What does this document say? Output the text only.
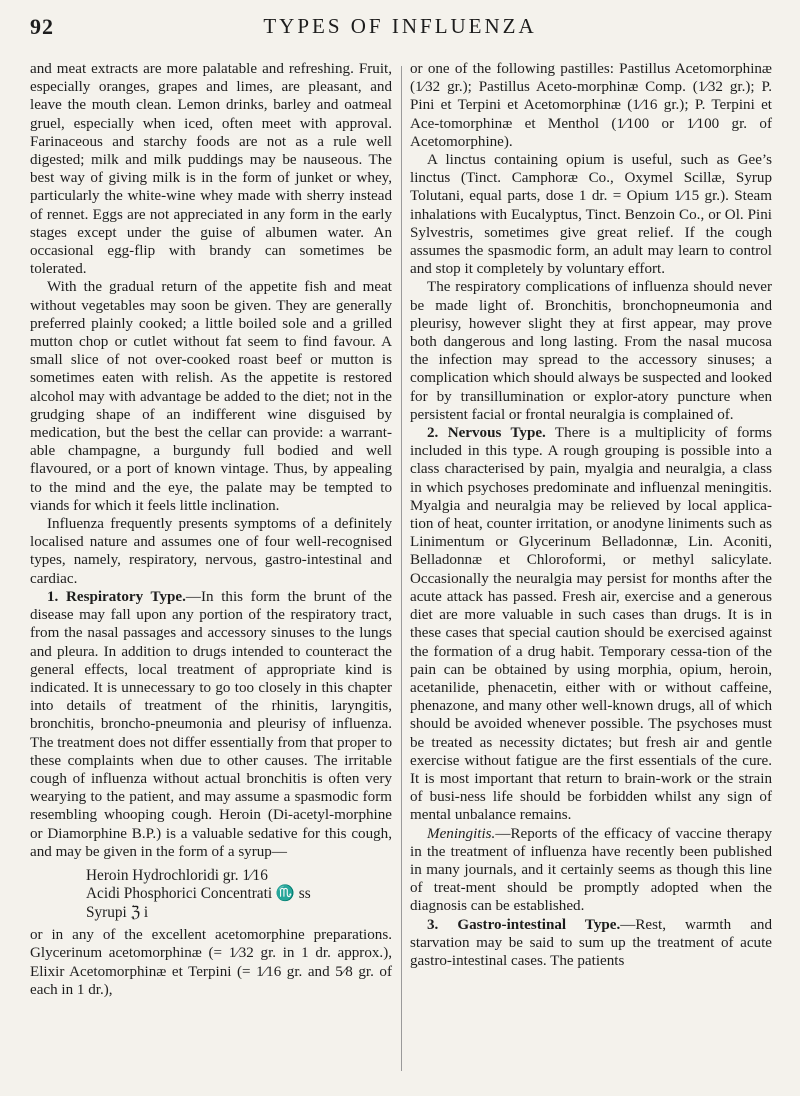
92	TYPES OF INFLUENZA

and meat extracts are more palatable and refreshing. Fruit, especially oranges, grapes and limes, are pleasant, and leave the mouth clean. Lemon drinks, barley and oatmeal gruel, especially when iced, often meet with approval. Farinaceous and starchy foods are not as a rule well digested; milk and milk puddings may be nauseous. The best way of giving milk is in the form of junket or whey, particularly the white-wine whey made with sherry instead of rennet. Eggs are not appreciated in any form in the early stages except under the guise of albumen water. An occasional egg-flip with brandy can sometimes be tolerated.

With the gradual return of the appetite fish and meat without vegetables may soon be given. They are generally preferred plainly cooked; a little boiled sole and a grilled mutton chop or cutlet without fat seem to find favour. A small slice of not over-cooked roast beef or mutton is sometimes eaten with relish. As the appetite is restored alcohol may with advantage be added to the diet; not in the grudging shape of an indifferent wine disguised by medication, but the best the cellar can provide: a warrant-able champagne, a burgundy full bodied and well flavoured, or a port of known vintage. Thus, by appealing to the mind and the eye, the palate may be tempted to viands for which it feels little inclination.

Influenza frequently presents symptoms of a definitely localised nature and assumes one of four well-recognised types, namely, respiratory, nervous, gastro-intestinal and cardiac.

1. Respiratory Type.—In this form the brunt of the disease may fall upon any portion of the respiratory tract, from the nasal passages and accessory sinuses to the lungs and pleura. In addition to drugs intended to counteract the general effects, local treatment of appropriate kind is indicated. It is unnecessary to go too closely in this chapter into details of treatment of the rhinitis, laryngitis, bronchitis, broncho-pneumonia and pleurisy of influenza. The treatment does not differ essentially from that proper to these complaints when due to other causes. The irritable cough of influenza without actual bronchitis is often very wearying to the patient, and may assume a spasmodic form resembling whooping cough. Heroin (Di-acetyl-morphine or Diamorphine B.P.) is a valuable sedative for this cough, and may be given in the form of a syrup—

Heroin Hydrochloridi gr. 1⁄16
Acidi Phosphorici Concentrati ♏ ss
Syrupi ℨ i

or in any of the excellent acetomorphine preparations. Glycerinum acetomorphinæ (= 1⁄32 gr. in 1 dr. approx.), Elixir Acetomorphinæ et Terpini (= 1⁄16 gr. and 5⁄8 gr. of each in 1 dr.),

or one of the following pastilles: Pastillus Acetomorphinæ (1⁄32 gr.); Pastillus Aceto-morphinæ Comp. (1⁄32 gr.); P. Pini et Terpini et Acetomorphinæ (1⁄16 gr.); P. Terpini et Ace-tomorphinæ et Menthol (1⁄100 or 1⁄100 gr. of Acetomorphine).

A linctus containing opium is useful, such as Gee’s linctus (Tinct. Camphoræ Co., Oxymel Scillæ, Syrup Tolutani, equal parts, dose 1 dr. = Opium 1⁄15 gr.). Steam inhalations with Eucalyptus, Tinct. Benzoin Co., or Ol. Pini Sylvestris, sometimes give great relief. If the cough assumes the spasmodic form, an adult may learn to control and stop it completely by voluntary effort.

The respiratory complications of influenza should never be made light of. Bronchitis, bronchopneumonia and pleurisy, however slight they at first appear, may prove both dangerous and long lasting. From the nasal mucosa the infection may spread to the accessory sinuses; a complication which should always be suspected and looked for by transillumination or explor-atory puncture when persistent facial or frontal neuralgia is complained of.

2. Nervous Type. There is a multiplicity of forms included in this type. A rough grouping is possible into a class characterised by pain, myalgia and neuralgia, a class in which psychoses predominate and influenzal meningitis. Myalgia and neuralgia may be relieved by local applica-tion of heat, counter irritation, or anodyne liniments such as Linimentum or Glycerinum Belladonnæ, Lin. Aconiti, Belladonnæ et Chloroformi, or methyl salicylate. Occasionally the neuralgia may persist for months after the acute attack has passed. Fresh air, exercise and a generous diet are more valuable in such cases than drugs. It is in these cases that special caution should be exercised against the formation of a drug habit. Temporary cessa-tion of the pain can be obtained by using morphia, opium, heroin, acetanilide, phenacetin, either with or without caffeine, phenazone, and many other well-known drugs, all of which should be avoided whenever possible. The psychoses must be treated as necessity dictates; but fresh air and gentle exercise without fatigue are the first essentials of the cure. It is most important that return to brain-work or the strain of busi-ness life should be forbidden whilst any sign of mental unbalance remains.

Meningitis.—Reports of the efficacy of vaccine therapy in the treatment of influenza have recently been published in many journals, and it certainly seems as though this line of treat-ment should be promptly adopted when the diagnosis can be established.

3. Gastro-intestinal Type.—Rest, warmth and starvation may be said to sum up the treatment of acute gastro-intestinal cases. The patients
